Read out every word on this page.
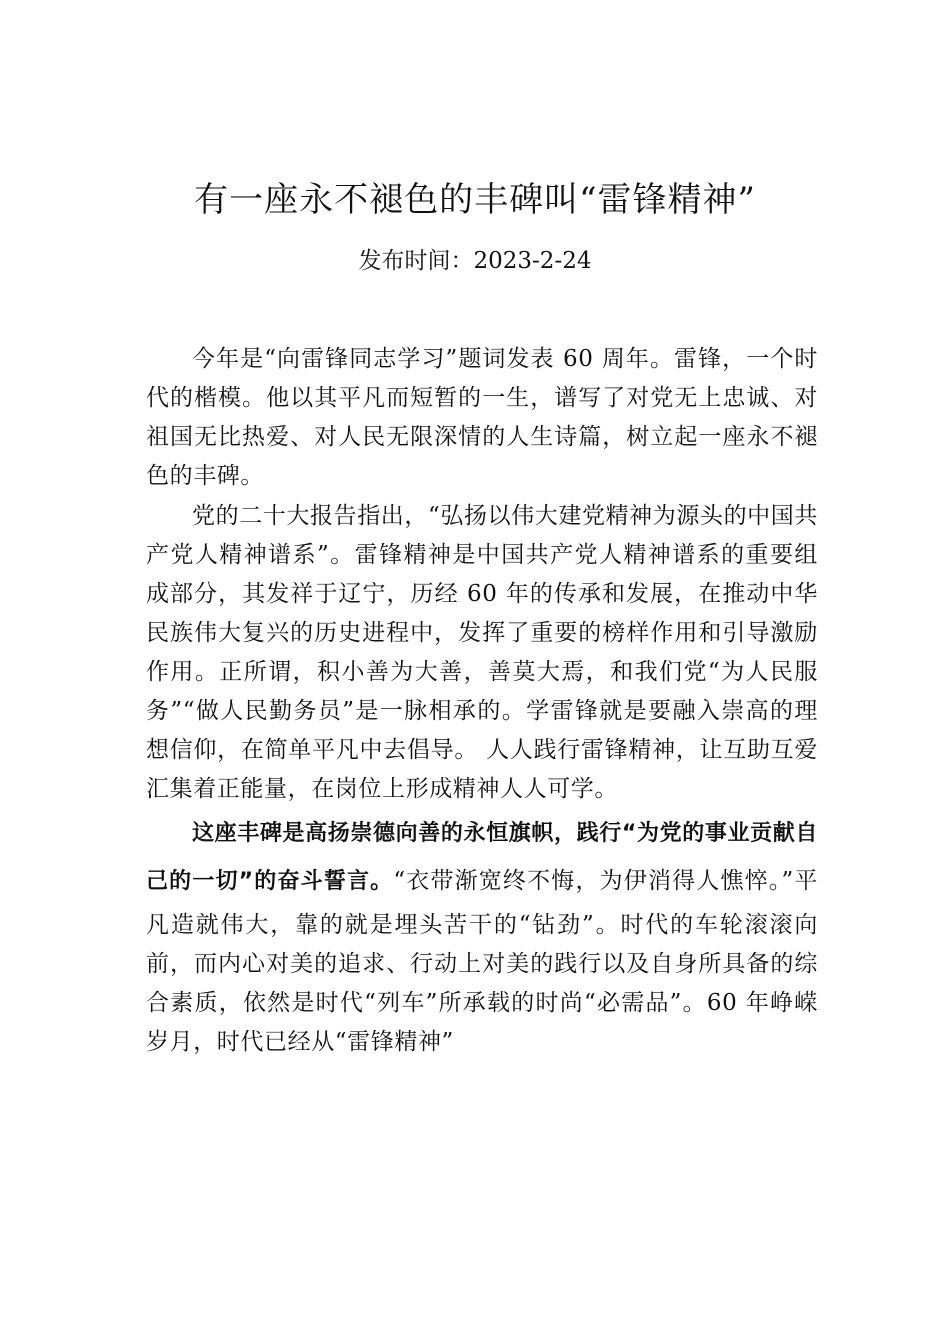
有一座永不褪色的丰碑叫“雷锋精神”
发布时间：2023-2-24

今年是“向雷锋同志学习”题词发表 60 周年。雷锋，一个时代的楷模。他以其平凡而短暂的一生，谱写了对党无上忠诚、对祖国无比热爱、对人民无限深情的人生诗篇，树立起一座永不褪色的丰碑。

党的二十大报告指出，“弘扬以伟大建党精神为源头的中国共产党人精神谱系”。雷锋精神是中国共产党人精神谱系的重要组成部分，其发祥于辽宁，历经 60 年的传承和发展，在推动中华民族伟大复兴的历史进程中，发挥了重要的榜样作用和引导激励作用。正所谓，积小善为大善，善莫大焉，和我们党“为人民服务”“做人民勤务员”是一脉相承的。学雷锋就是要融入崇高的理想信仰，在简单平凡中去倡导。 人人践行雷锋精神，让互助互爱汇集着正能量，在岗位上形成精神人人可学。

这座丰碑是高扬崇德向善的永恒旗帜，践行“为党的事业贡献自己的一切”的奋斗誓言。“衣带渐宽终不悔，为伊消得人憔悴。”平凡造就伟大，靠的就是埋头苦干的“钻劲”。时代的车轮滚滚向前，而内心对美的追求、行动上对美的践行以及自身所具备的综合素质，依然是时代“列车”所承载的时尚“必需品”。60 年峥嵘岁月，时代已经从“雷锋精神”
